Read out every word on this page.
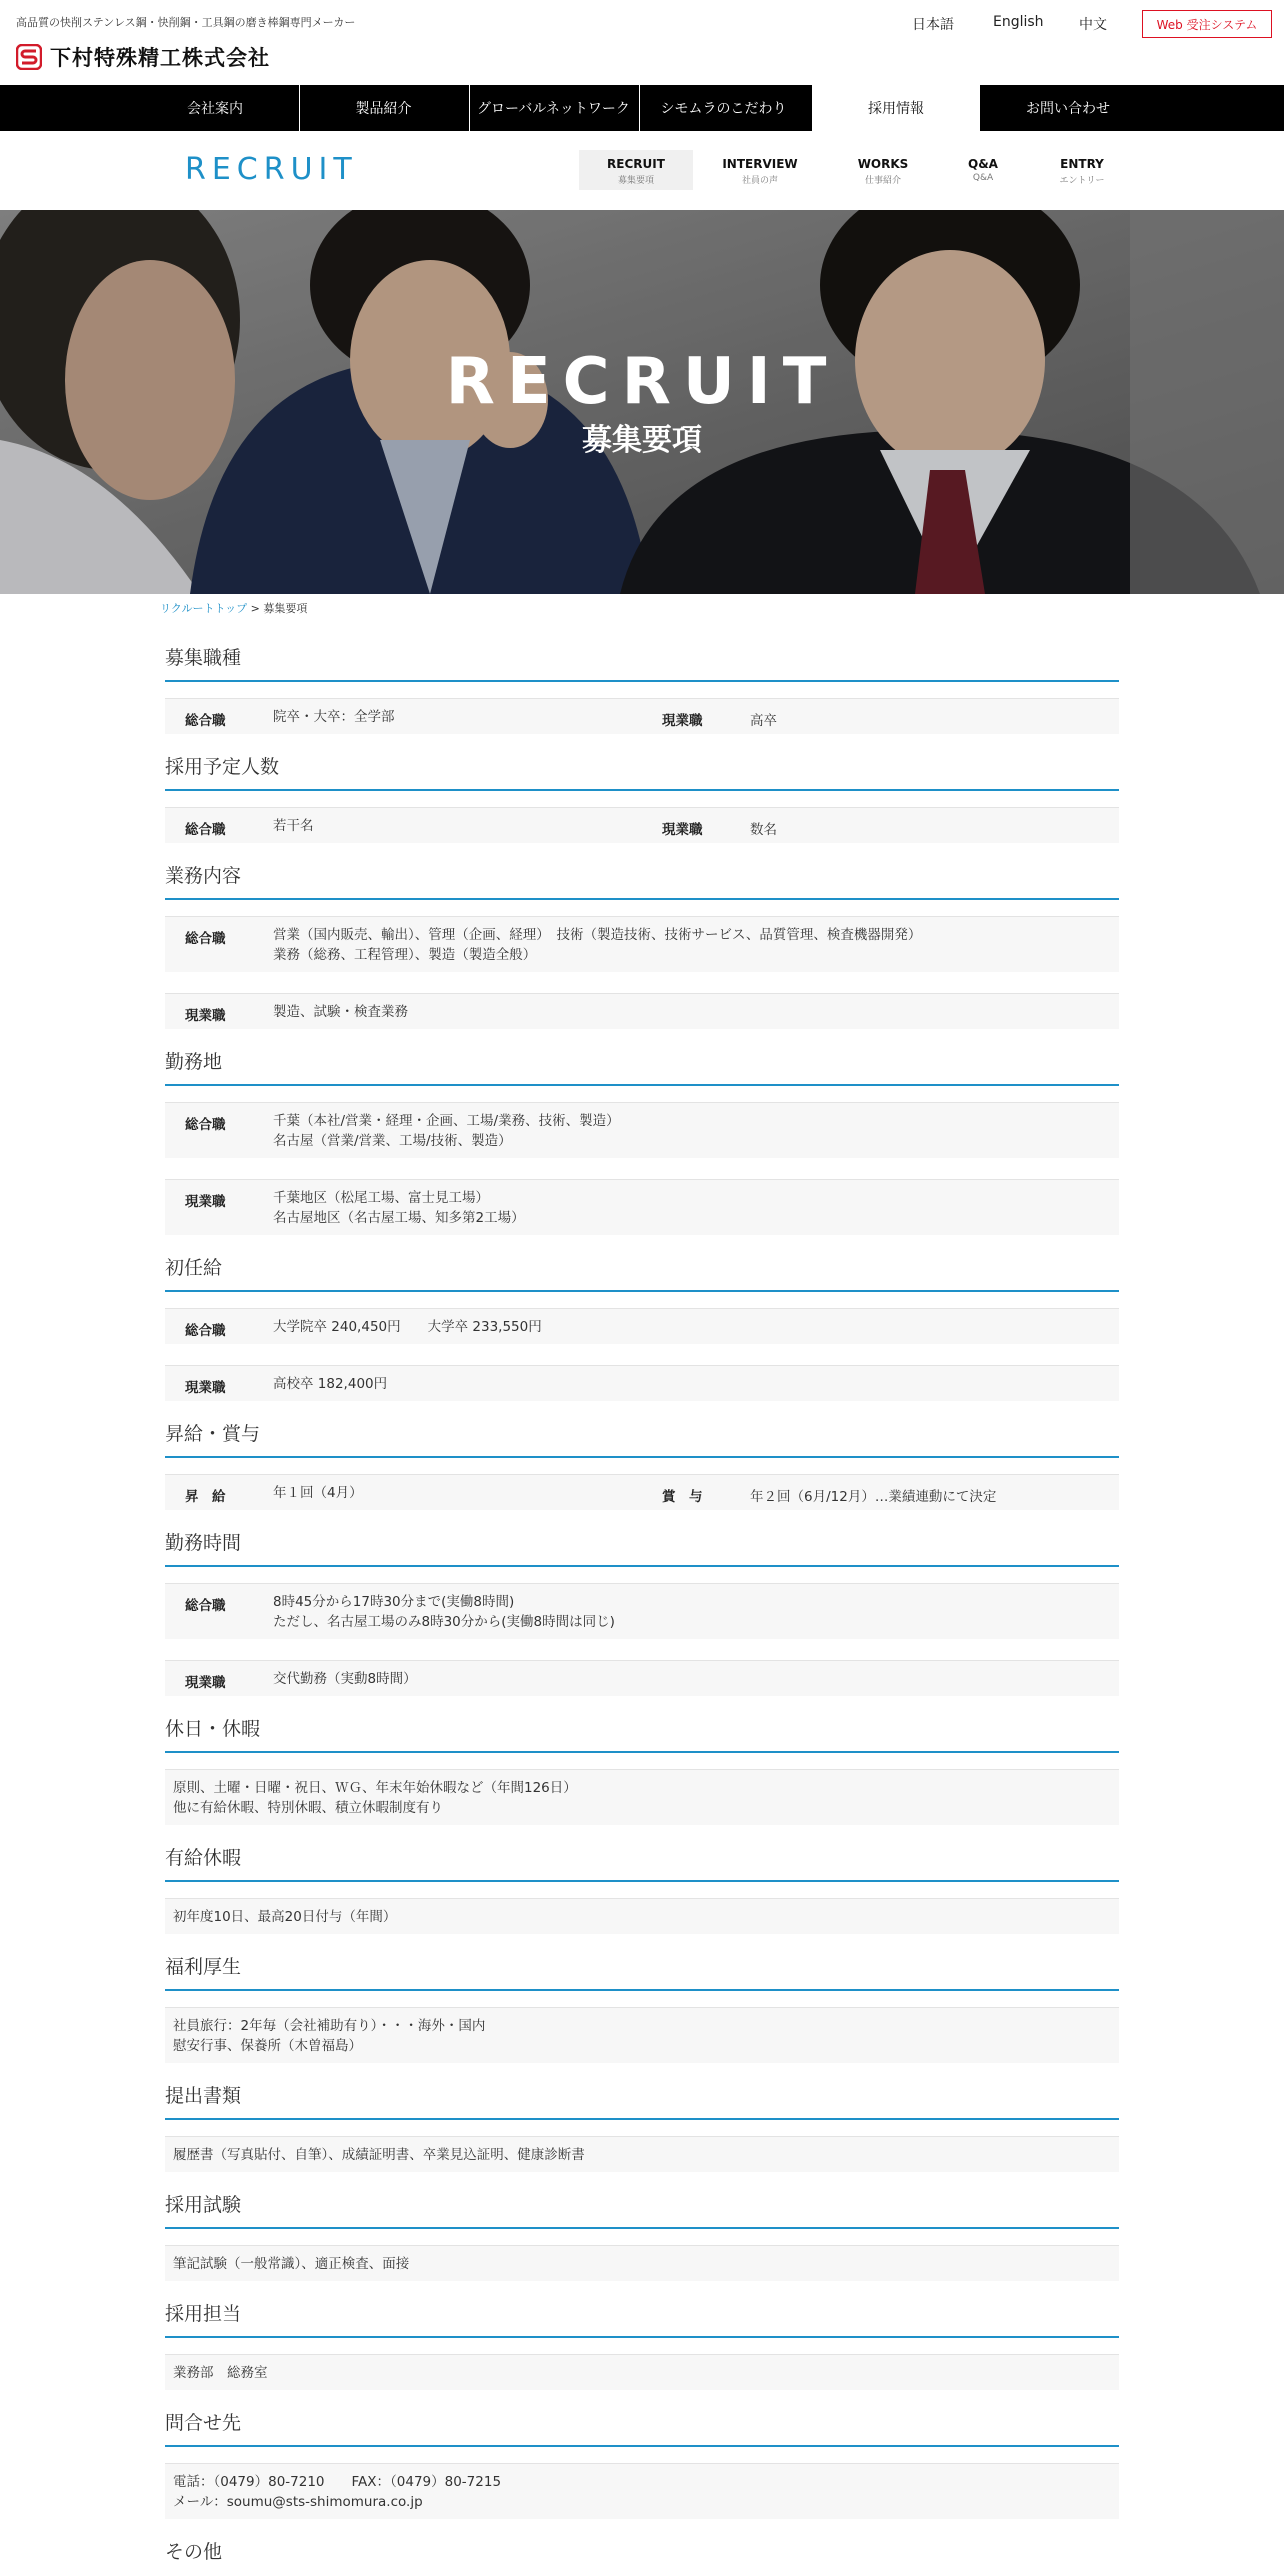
高品質の快削ステンレス鋼・快削鋼・工具鋼の磨き棒鋼専門メーカー
下村特殊精工株式会社
日本語	English	中文	Web 受注システム
会社案内	製品紹介	グローバルネットワーク	シモムラのこだわり	採用情報	お問い合わせ
RECRUIT	RECRUIT
募集要項
INTERVIEW
社員の声
WORKS
仕事紹介
Q&A
Q&A
ENTRY
エントリー
RECRUIT
募集要項
リクルートトップ > 募集要項
募集職種
総合職	院卒・大卒：全学部	現業職	高卒
採用予定人数
総合職	若干名	現業職	数名
業務内容
総合職	営業（国内販売、輸出）、管理（企画、経理）　技術（製造技術、技術サービス、品質管理、検査機器開発）
業務（総務、工程管理）、製造（製造全般）
現業職	製造、試験・検査業務
勤務地
総合職	千葉（本社/営業・経理・企画、工場/業務、技術、製造）
名古屋（営業/営業、工場/技術、製造）
現業職	千葉地区（松尾工場、富士見工場）
名古屋地区（名古屋工場、知多第2工場）
初任給
総合職	大学院卒 240,450円　　大学卒 233,550円
現業職	高校卒 182,400円
昇給・賞与
昇　給	年１回（4月）	賞　与	年２回（6月/12月）…業績連動にて決定
勤務時間
総合職	8時45分から17時30分まで(実働8時間)
ただし、名古屋工場のみ8時30分から(実働8時間は同じ)
現業職	交代勤務（実動8時間）
休日・休暇
原則、土曜・日曜・祝日、ＷＧ、年末年始休暇など（年間126日）
他に有給休暇、特別休暇、積立休暇制度有り
有給休暇
初年度10日、最高20日付与（年間）
福利厚生
社員旅行：2年毎（会社補助有り）・・・海外・国内
慰安行事、保養所（木曽福島）
提出書類
履歴書（写真貼付、自筆）、成績証明書、卒業見込証明、健康診断書
採用試験
筆記試験（一般常識）、適正検査、面接
採用担当
業務部　総務室
問合せ先
電話：（0479）80-7210　　FAX：（0479）80-7215
メール：soumu@sts-shimomura.co.jp
その他
